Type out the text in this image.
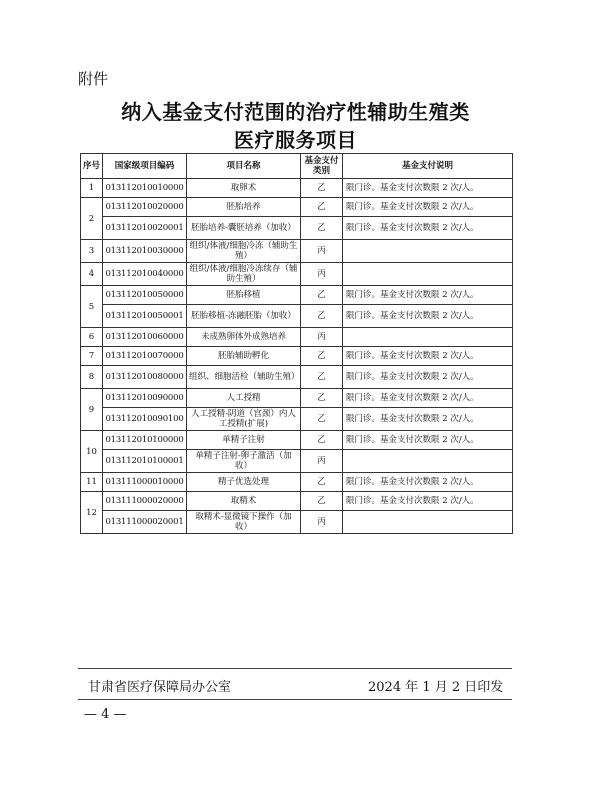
附件
纳入基金支付范围的治疗性辅助生殖类
医疗服务项目
序号	国家级项目编码	项目名称	基金支付类别	基金支付说明
1	013112010010000	取卵术	乙	限门诊。基金支付次数限 2 次/人。
2	013112010020000	胚胎培养	乙	限门诊。基金支付次数限 2 次/人。
	013112010020001	胚胎培养-囊胚培养（加收）	乙	限门诊。基金支付次数限 2 次/人。
3	013112010030000	组织/体液/细胞冷冻（辅助生殖）	丙	
4	013112010040000	组织/体液/细胞冷冻续存（辅助生殖）	丙	
5	013112010050000	胚胎移植	乙	限门诊。基金支付次数限 2 次/人。
	013112010050001	胚胎移植-冻融胚胎（加收）	乙	限门诊。基金支付次数限 2 次/人。
6	013112010060000	未成熟卵体外成熟培养	丙	
7	013112010070000	胚胎辅助孵化	乙	限门诊。基金支付次数限 2 次/人。
8	013112010080000	组织、细胞活检（辅助生殖）	乙	限门诊。基金支付次数限 2 次/人。
9	013112010090000	人工授精	乙	限门诊。基金支付次数限 2 次/人。
	013112010090100	人工授精-阴道（宫颈）内人工授精(扩展)	乙	限门诊。基金支付次数限 2 次/人。
10	013112010100000	单精子注射	乙	限门诊。基金支付次数限 2 次/人。
	013112010100001	单精子注射-卵子激活（加收）	丙	
11	013111000010000	精子优选处理	乙	限门诊。基金支付次数限 2 次/人。
12	013111000020000	取精术	乙	限门诊。基金支付次数限 2 次/人。
	013111000020001	取精术-显微镜下操作（加收）	丙	
甘肃省医疗保障局办公室	2024 年 1 月 2 日印发
— 4 —
